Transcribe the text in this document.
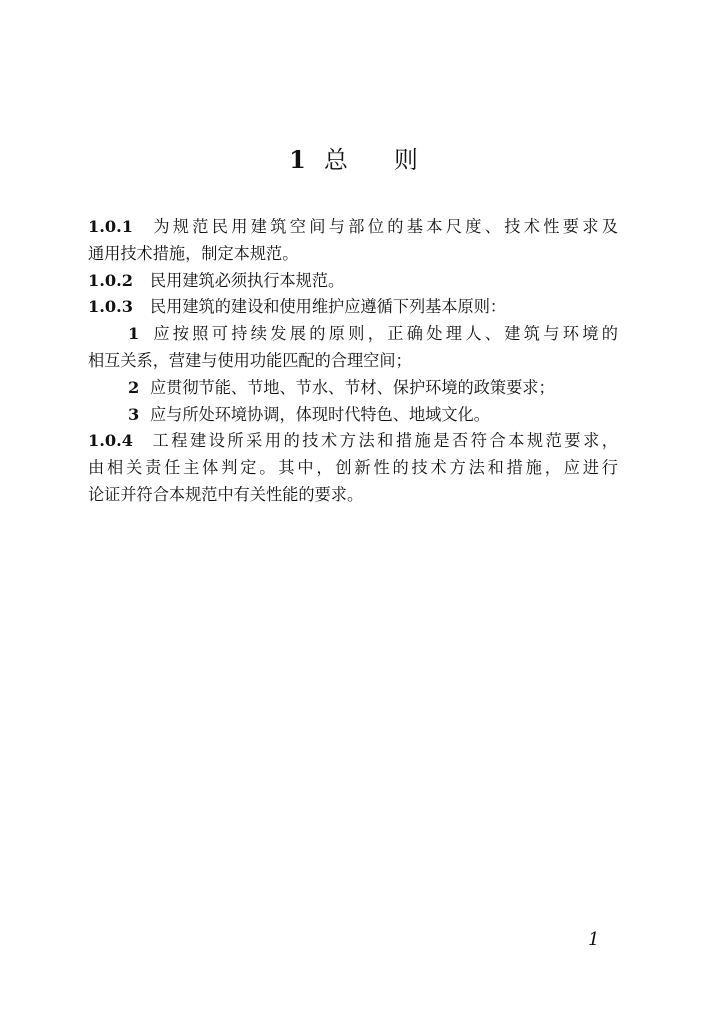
1 总 则
1.0.1 为规范民用建筑空间与部位的基本尺度、技术性要求及
通用技术措施，制定本规范。
1.0.2 民用建筑必须执行本规范。
1.0.3 民用建筑的建设和使用维护应遵循下列基本原则：
1 应按照可持续发展的原则，正确处理人、建筑与环境的
相互关系，营建与使用功能匹配的合理空间；
2 应贯彻节能、节地、节水、节材、保护环境的政策要求；
3 应与所处环境协调，体现时代特色、地域文化。
1.0.4 工程建设所采用的技术方法和措施是否符合本规范要求，
由相关责任主体判定。其中，创新性的技术方法和措施，应进行
论证并符合本规范中有关性能的要求。
1
